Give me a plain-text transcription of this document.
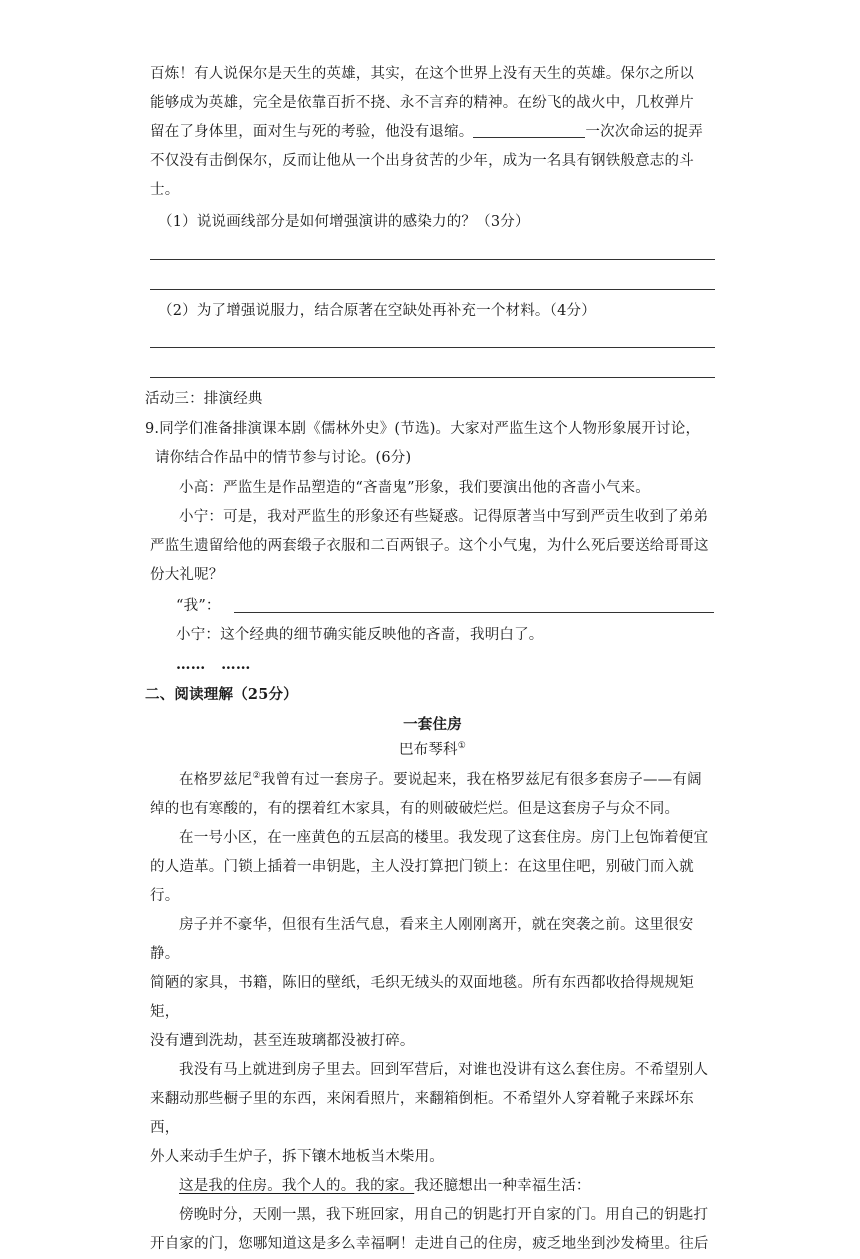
百炼！有人说保尔是天生的英雄，其实，在这个世界上没有天生的英雄。保尔之所以
能够成为英雄，完全是依靠百折不挠、永不言弃的精神。在纷飞的战火中，几枚弹片
留在了身体里，面对生与死的考验，他没有退缩。	一次次命运的捉弄
不仅没有击倒保尔，反而让他从一个出身贫苦的少年，成为一名具有钢铁般意志的斗
士。
（1）说说画线部分是如何增强演讲的感染力的？（3分）
（2）为了增强说服力，结合原著在空缺处再补充一个材料。（4分）
活动三：排演经典
9.同学们准备排演课本剧《儒林外史》(节选)。大家对严监生这个人物形象展开讨论，
请你结合作品中的情节参与讨论。(6分)
小高：严监生是作品塑造的“吝啬鬼”形象，我们要演出他的吝啬小气来。
小宁：可是，我对严监生的形象还有些疑惑。记得原著当中写到严贡生收到了弟弟
严监生遗留给他的两套缎子衣服和二百两银子。这个小气鬼，为什么死后要送给哥哥这
份大礼呢？
“我”：
小宁：这个经典的细节确实能反映他的吝啬，我明白了。
……   ……
二、阅读理解（25分）
一套住房
巴布琴科①
在格罗兹尼②我曾有过一套房子。要说起来，我在格罗兹尼有很多套房子——有阔
绰的也有寒酸的，有的摆着红木家具，有的则破破烂烂。但是这套房子与众不同。
在一号小区，在一座黄色的五层高的楼里。我发现了这套住房。房门上包饰着便宜
的人造革。门锁上插着一串钥匙，主人没打算把门锁上：在这里住吧，别破门而入就行。
房子并不豪华，但很有生活气息，看来主人刚刚离开，就在突袭之前。这里很安静。
简陋的家具，书籍，陈旧的壁纸，毛织无绒头的双面地毯。所有东西都收拾得规规矩矩，
没有遭到洗劫，甚至连玻璃都没被打碎。
我没有马上就进到房子里去。回到军营后，对谁也没讲有这么套住房。不希望别人
来翻动那些橱子里的东西，来闲看照片，来翻箱倒柜。不希望外人穿着靴子来踩坏东西，
外人来动手生炉子，拆下镶木地板当木柴用。
这是我的住房。我个人的。我的家。我还臆想出一种幸福生活：
傍晚时分，天刚一黑，我下班回家，用自己的钥匙打开自家的门。用自己的钥匙打
开自家的门，您哪知道这是多么幸福啊！走进自己的住房，疲乏地坐到沙发椅里。往后
